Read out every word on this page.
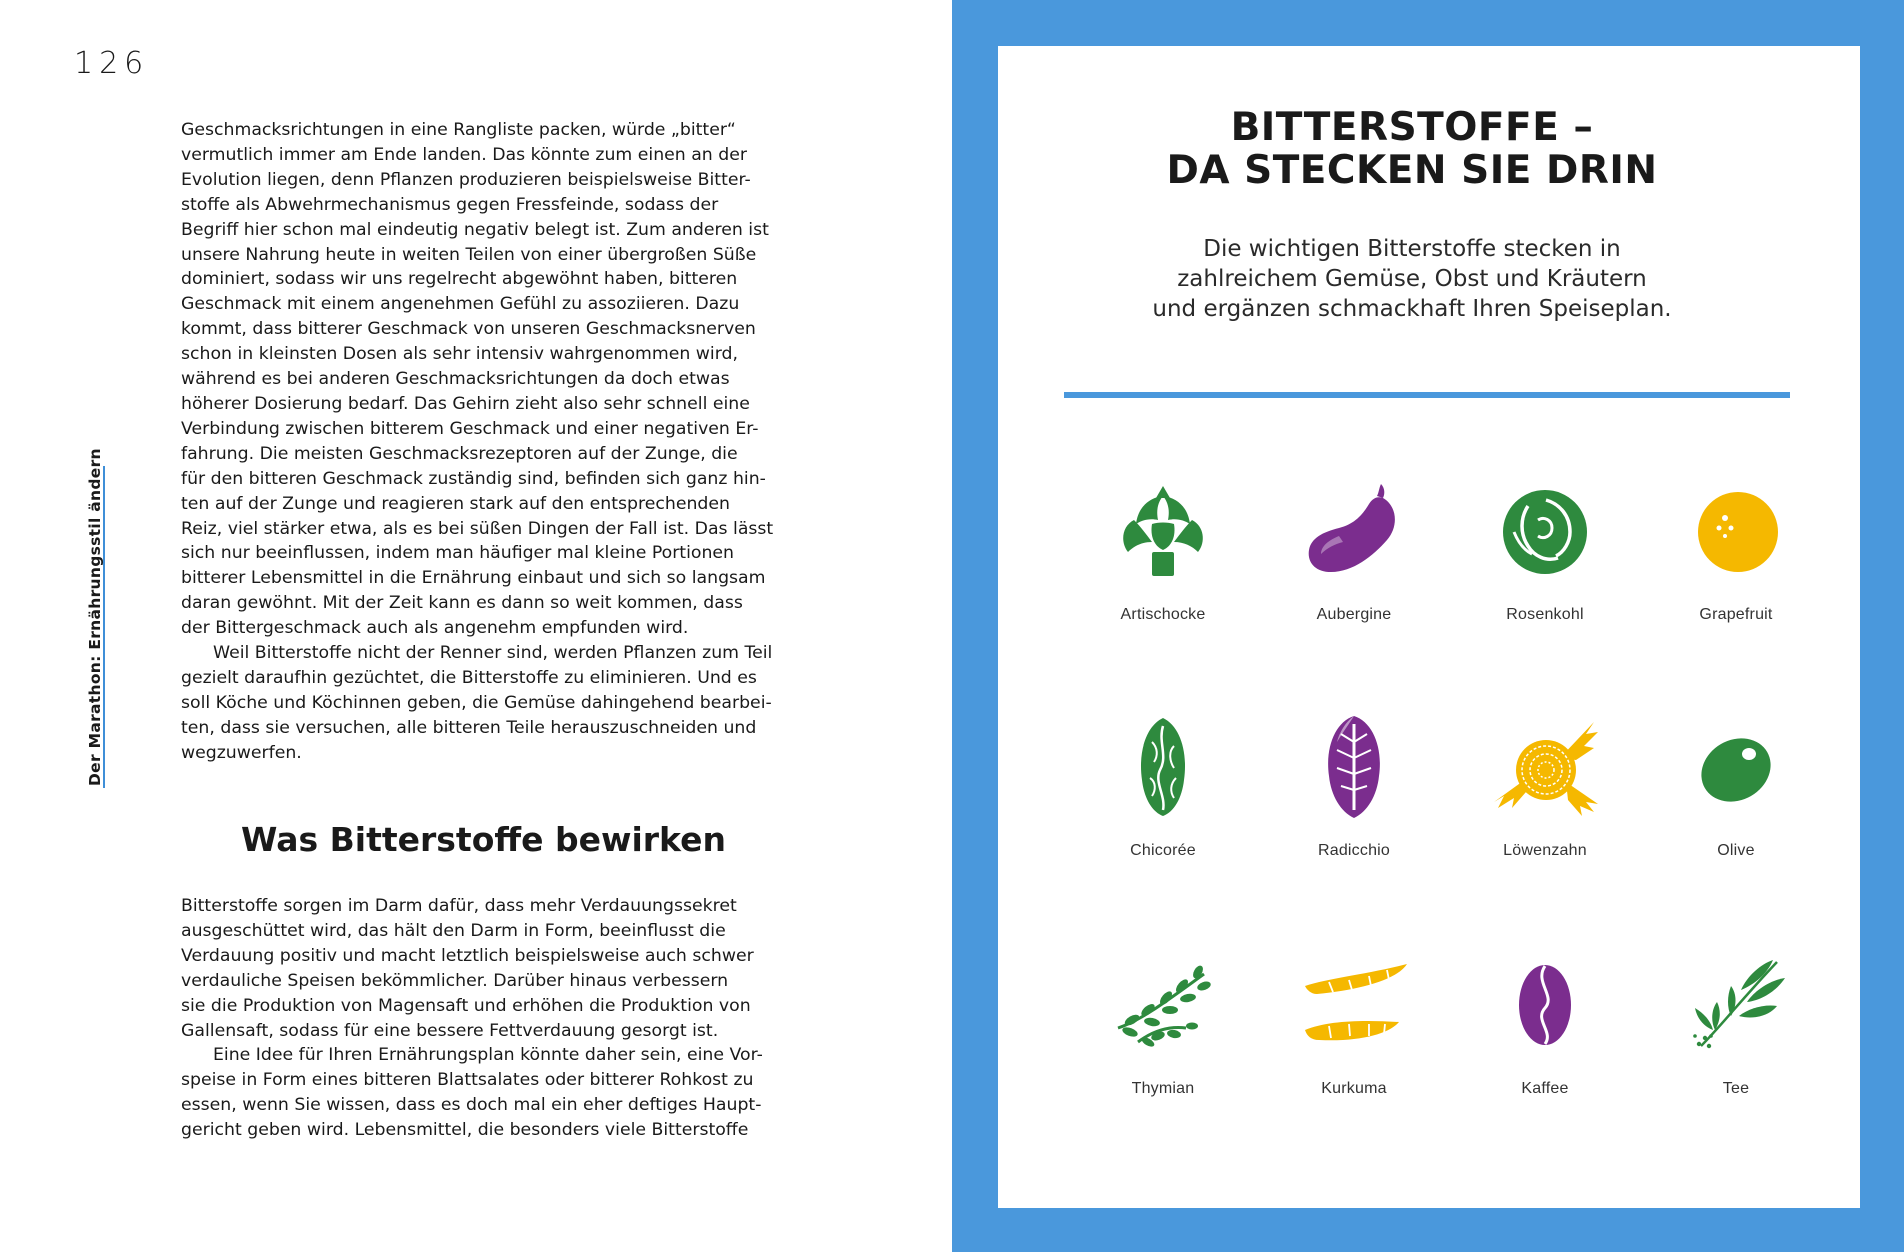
126
Der Marathon: Ernährungsstil ändern

Geschmacksrichtungen in eine Rangliste packen, würde „bitter“
vermutlich immer am Ende landen. Das könnte zum einen an der
Evolution liegen, denn Pflanzen produzieren beispielsweise Bitter-
stoffe als Abwehrmechanismus gegen Fressfeinde, sodass der
Begriff hier schon mal eindeutig negativ belegt ist. Zum anderen ist
unsere Nahrung heute in weiten Teilen von einer übergroßen Süße
dominiert, sodass wir uns regelrecht abgewöhnt haben, bitteren
Geschmack mit einem angenehmen Gefühl zu assoziieren. Dazu
kommt, dass bitterer Geschmack von unseren Geschmacksnerven
schon in kleinsten Dosen als sehr intensiv wahrgenommen wird,
während es bei anderen Geschmacksrichtungen da doch etwas
höherer Dosierung bedarf. Das Gehirn zieht also sehr schnell eine
Verbindung zwischen bitterem Geschmack und einer negativen Er-
fahrung. Die meisten Geschmacksrezeptoren auf der Zunge, die
für den bitteren Geschmack zuständig sind, befinden sich ganz hin-
ten auf der Zunge und reagieren stark auf den entsprechenden
Reiz, viel stärker etwa, als es bei süßen Dingen der Fall ist. Das lässt
sich nur beeinflussen, indem man häufiger mal kleine Portionen
bitterer Lebensmittel in die Ernährung einbaut und sich so langsam
daran gewöhnt. Mit der Zeit kann es dann so weit kommen, dass
der Bittergeschmack auch als angenehm empfunden wird.

Weil Bitterstoffe nicht der Renner sind, werden Pflanzen zum Teil
gezielt daraufhin gezüchtet, die Bitterstoffe zu eliminieren. Und es
soll Köche und Köchinnen geben, die Gemüse dahingehend bearbei-
ten, dass sie versuchen, alle bitteren Teile herauszuschneiden und
wegzuwerfen.

Was Bitterstoffe bewirken

Bitterstoffe sorgen im Darm dafür, dass mehr Verdauungssekret
ausgeschüttet wird, das hält den Darm in Form, beeinflusst die
Verdauung positiv und macht letztlich beispielsweise auch schwer
verdauliche Speisen bekömmlicher. Darüber hinaus verbessern
sie die Produktion von Magensaft und erhöhen die Produktion von
Gallensaft, sodass für eine bessere Fettverdauung gesorgt ist.

Eine Idee für Ihren Ernährungsplan könnte daher sein, eine Vor-
speise in Form eines bitteren Blattsalates oder bitterer Rohkost zu
essen, wenn Sie wissen, dass es doch mal ein eher deftiges Haupt-
gericht geben wird. Lebensmittel, die besonders viele Bitterstoffe

BITTERSTOFFE –
DA STECKEN SIE DRIN

Die wichtigen Bitterstoffe stecken in
zahlreichem Gemüse, Obst und Kräutern
und ergänzen schmackhaft Ihren Speiseplan.

Artischocke	Aubergine	Rosenkohl	Grapefruit
Chicorée	Radicchio	Löwenzahn	Olive
Thymian	Kurkuma	Kaffee	Tee
